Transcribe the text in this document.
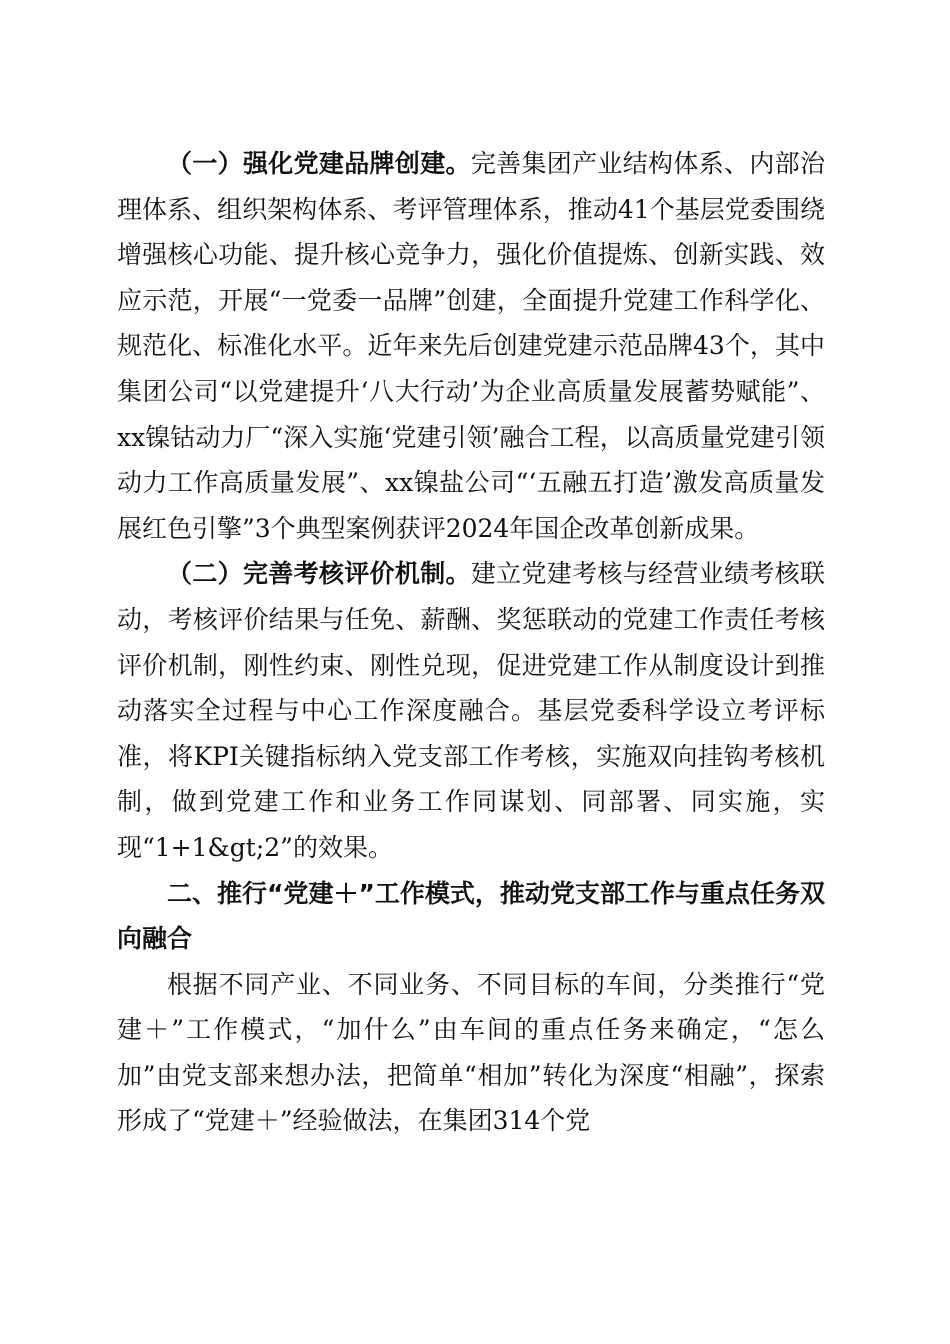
（一）强化党建品牌创建。完善集团产业结构体系、内部治理体系、组织架构体系、考评管理体系，推动41个基层党委围绕增强核心功能、提升核心竞争力，强化价值提炼、创新实践、效应示范，开展“一党委一品牌”创建，全面提升党建工作科学化、规范化、标准化水平。近年来先后创建党建示范品牌43个，其中集团公司“以党建提升‘八大行动’为企业高质量发展蓄势赋能”、xx镍钴动力厂“深入实施‘党建引领’融合工程，以高质量党建引领动力工作高质量发展”、xx镍盐公司“‘五融五打造’激发高质量发展红色引擎”3个典型案例获评2024年国企改革创新成果。

（二）完善考核评价机制。建立党建考核与经营业绩考核联动，考核评价结果与任免、薪酬、奖惩联动的党建工作责任考核评价机制，刚性约束、刚性兑现，促进党建工作从制度设计到推动落实全过程与中心工作深度融合。基层党委科学设立考评标准，将KPI关键指标纳入党支部工作考核，实施双向挂钩考核机制，做到党建工作和业务工作同谋划、同部署、同实施，实现“1+1&gt;2”的效果。

二、推行“党建＋”工作模式，推动党支部工作与重点任务双向融合

根据不同产业、不同业务、不同目标的车间，分类推行“党建＋”工作模式，“加什么”由车间的重点任务来确定，“怎么加”由党支部来想办法，把简单“相加”转化为深度“相融”，探索形成了“党建＋”经验做法，在集团314个党
